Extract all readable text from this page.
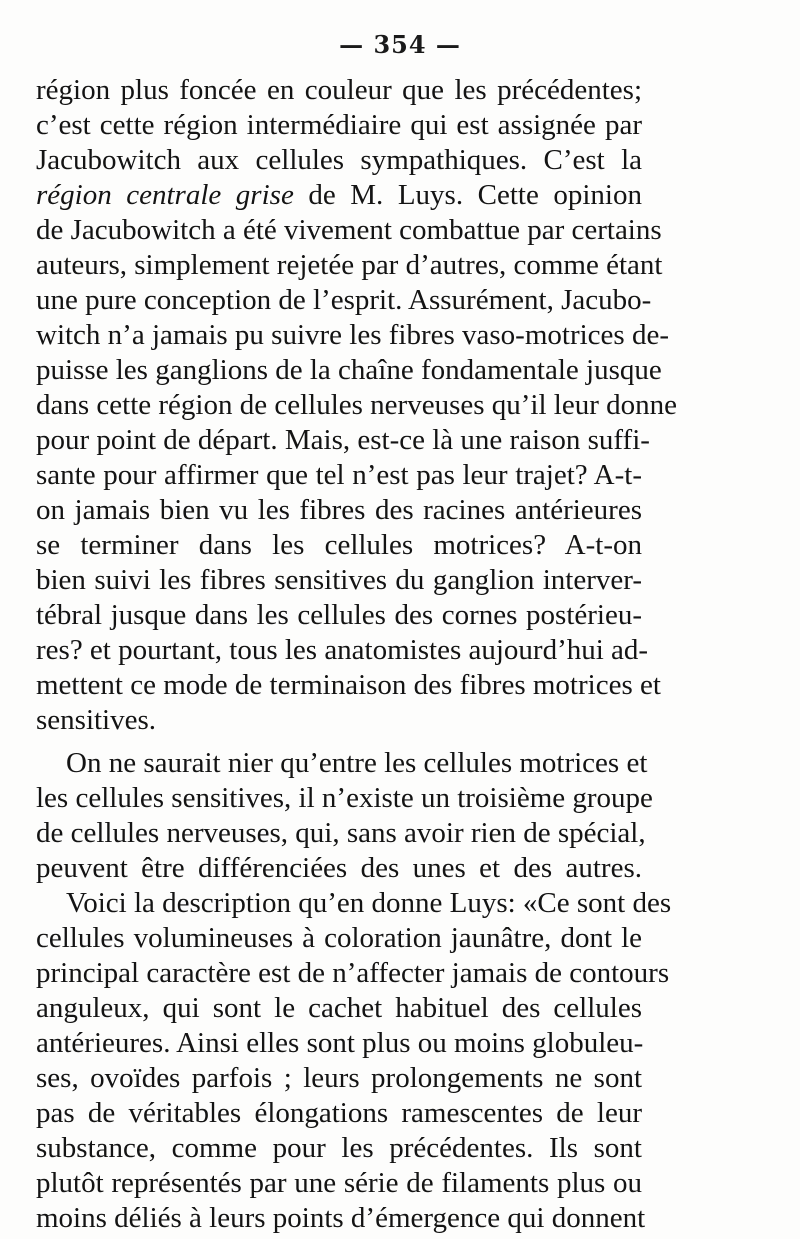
— 354 —
région plus foncée en couleur que les précédentes;
c’est cette région intermédiaire qui est assignée par
Jacubowitch aux cellules sympathiques. C’est la
région centrale grise de M. Luys. Cette opinion
de Jacubowitch a été vivement combattue par certains
auteurs, simplement rejetée par d’autres, comme étant
une pure conception de l’esprit. Assurément, Jacubo-
witch n’a jamais pu suivre les fibres vaso-motrices de-
puisse les ganglions de la chaîne fondamentale jusque
dans cette région de cellules nerveuses qu’il leur donne
pour point de départ. Mais, est-ce là une raison suffi-
sante pour affirmer que tel n’est pas leur trajet? A-t-
on jamais bien vu les fibres des racines antérieures
se terminer dans les cellules motrices? A-t-on
bien suivi les fibres sensitives du ganglion interver-
tébral jusque dans les cellules des cornes postérieu-
res? et pourtant, tous les anatomistes aujourd’hui ad-
mettent ce mode de terminaison des fibres motrices et
sensitives.
On ne saurait nier qu’entre les cellules motrices et
les cellules sensitives, il n’existe un troisième groupe
de cellules nerveuses, qui, sans avoir rien de spécial,
peuvent être différenciées des unes et des autres.
Voici la description qu’en donne Luys: «Ce sont des
cellules volumineuses à coloration jaunâtre, dont le
principal caractère est de n’affecter jamais de contours
anguleux, qui sont le cachet habituel des cellules
antérieures. Ainsi elles sont plus ou moins globuleu-
ses, ovoïdes parfois ; leurs prolongements ne sont
pas de véritables élongations ramescentes de leur
substance, comme pour les précédentes. Ils sont
plutôt représentés par une série de filaments plus ou
moins déliés à leurs points d’émergence qui donnent
